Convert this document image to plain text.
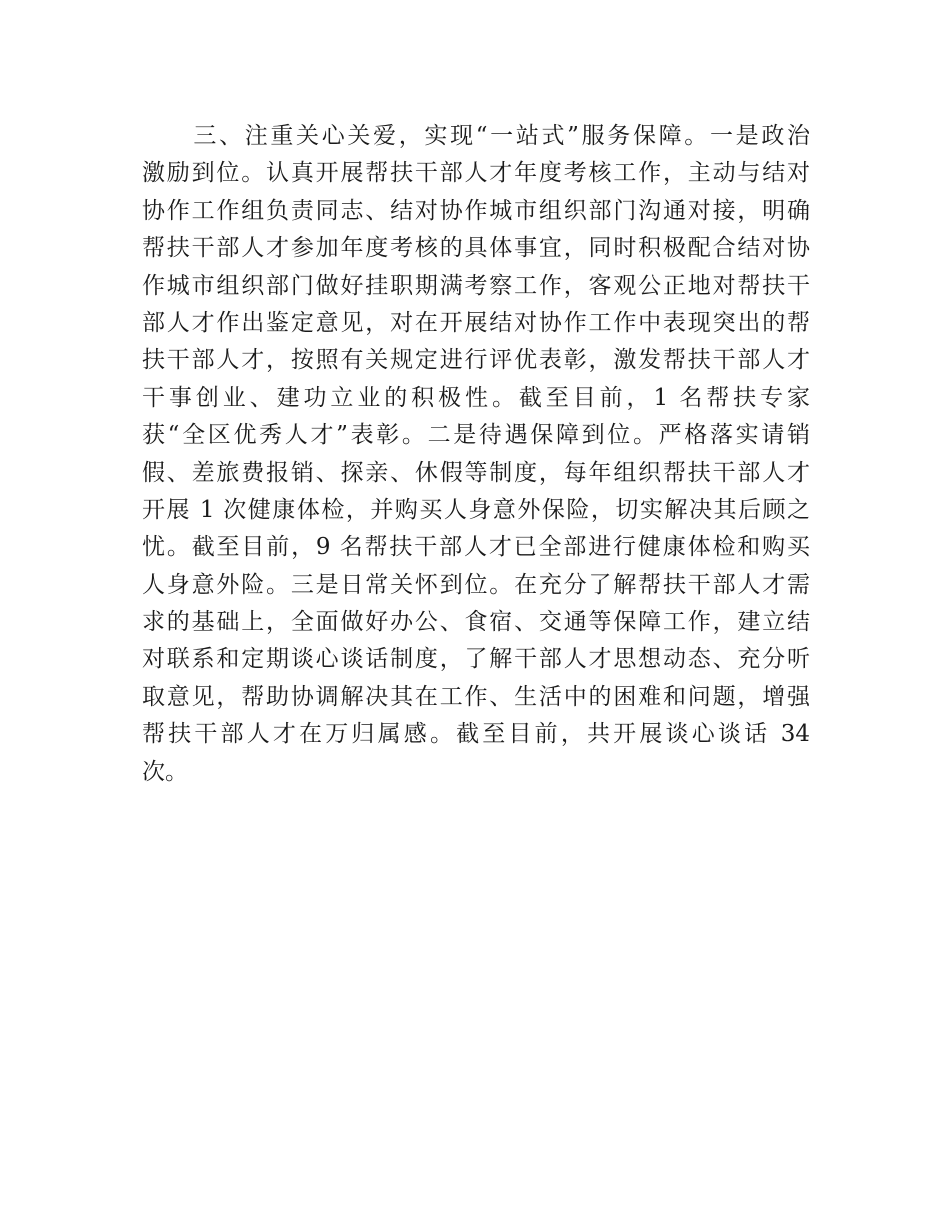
　　三、注重关心关爱，实现“一站式”服务保障。一是政治
激励到位。认真开展帮扶干部人才年度考核工作，主动与结对
协作工作组负责同志、结对协作城市组织部门沟通对接，明确
帮扶干部人才参加年度考核的具体事宜，同时积极配合结对协
作城市组织部门做好挂职期满考察工作，客观公正地对帮扶干
部人才作出鉴定意见，对在开展结对协作工作中表现突出的帮
扶干部人才，按照有关规定进行评优表彰，激发帮扶干部人才
干事创业、建功立业的积极性。截至目前，1 名帮扶专家
获“全区优秀人才”表彰。二是待遇保障到位。严格落实请销
假、差旅费报销、探亲、休假等制度，每年组织帮扶干部人才
开展 1 次健康体检，并购买人身意外保险，切实解决其后顾之
忧。截至目前，9 名帮扶干部人才已全部进行健康体检和购买
人身意外险。三是日常关怀到位。在充分了解帮扶干部人才需
求的基础上，全面做好办公、食宿、交通等保障工作，建立结
对联系和定期谈心谈话制度，了解干部人才思想动态、充分听
取意见，帮助协调解决其在工作、生活中的困难和问题，增强
帮扶干部人才在万归属感。截至目前，共开展谈心谈话 34
次。
